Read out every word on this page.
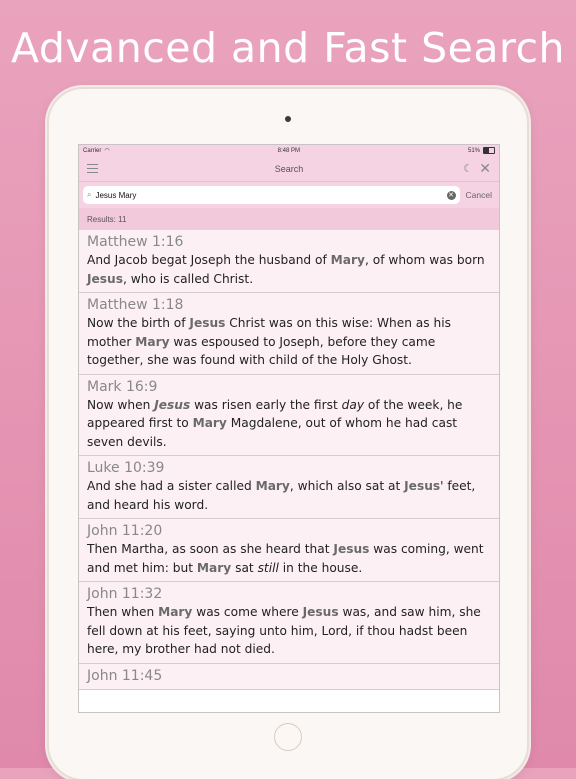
Advanced and Fast Search
Carrier ◠	8:48 PM	51%
Search	☾ ✕
⌕
Jesus Mary	✕ Cancel
Results: 11
Matthew 1:16
And Jacob begat Joseph the husband of Mary, of whom was born Jesus, who is called Christ.
Matthew 1:18
Now the birth of Jesus Christ was on this wise: When as his mother Mary was espoused to Joseph, before they came together, she was found with child of the Holy Ghost.
Mark 16:9
Now when Jesus was risen early the first day of the week, he appeared first to Mary Magdalene, out of whom he had cast seven devils.
Luke 10:39
And she had a sister called Mary, which also sat at Jesus' feet, and heard his word.
John 11:20
Then Martha, as soon as she heard that Jesus was coming, went and met him: but Mary sat still in the house.
John 11:32
Then when Mary was come where Jesus was, and saw him, she fell down at his feet, saying unto him, Lord, if thou hadst been here, my brother had not died.
John 11:45
